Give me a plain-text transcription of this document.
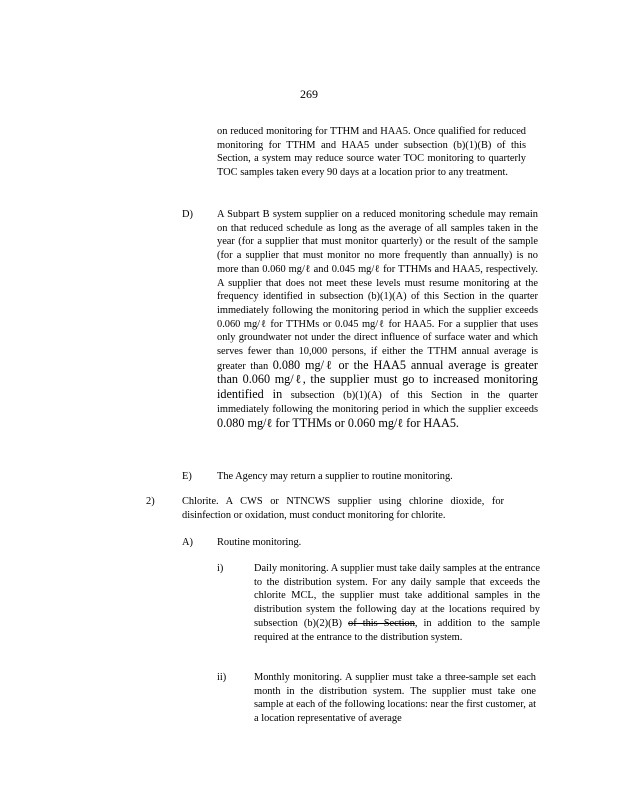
269
on reduced monitoring for TTHM and HAA5. Once qualified for reduced monitoring for TTHM and HAA5 under subsection (b)(1)(B) of this Section, a system may reduce source water TOC monitoring to quarterly TOC samples taken every 90 days at a location prior to any treatment.
D) A Subpart B system supplier on a reduced monitoring schedule may remain on that reduced schedule as long as the average of all samples taken in the year (for a supplier that must monitor quarterly) or the result of the sample (for a supplier that must monitor no more frequently than annually) is no more than 0.060 mg/ℓ and 0.045 mg/ℓ for TTHMs and HAA5, respectively. A supplier that does not meet these levels must resume monitoring at the frequency identified in subsection (b)(1)(A) of this Section in the quarter immediately following the monitoring period in which the supplier exceeds 0.060 mg/ℓ for TTHMs or 0.045 mg/ℓ for HAA5. For a supplier that uses only groundwater not under the direct influence of surface water and which serves fewer than 10,000 persons, if either the TTHM annual average is greater than 0.080 mg/ℓ or the HAA5 annual average is greater than 0.060 mg/ℓ, the supplier must go to increased monitoring identified in subsection (b)(1)(A) of this Section in the quarter immediately following the monitoring period in which the supplier exceeds 0.080 mg/ℓ for TTHMs or 0.060 mg/ℓ for HAA5.
E) The Agency may return a supplier to routine monitoring.
2)	Chlorite. A CWS or NTNCWS supplier using chlorine dioxide, for disinfection or oxidation, must conduct monitoring for chlorite.
A) Routine monitoring.
i)	Daily monitoring. A supplier must take daily samples at the entrance to the distribution system. For any daily sample that exceeds the chlorite MCL, the supplier must take additional samples in the distribution system the following day at the locations required by subsection (b)(2)(B) of this Section, in addition to the sample required at the entrance to the distribution system.
ii)	Monthly monitoring. A supplier must take a three-sample set each month in the distribution system. The supplier must take one sample at each of the following locations: near the first customer, at a location representative of average
